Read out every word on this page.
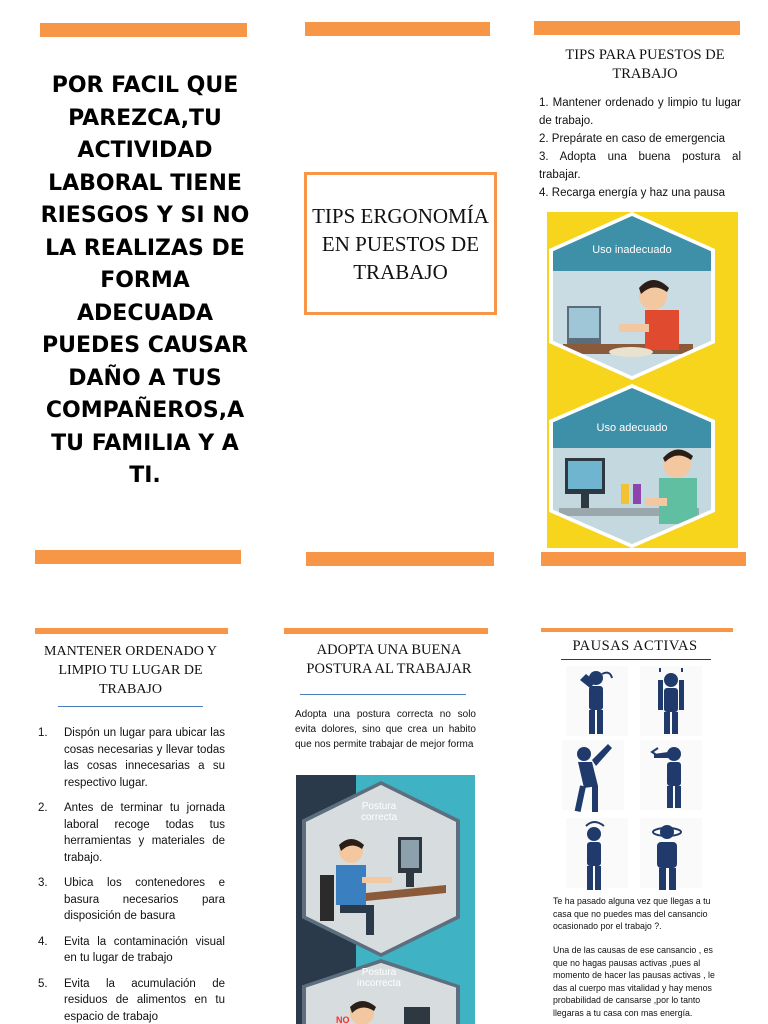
POR FACIL QUE PAREZCA,TU ACTIVIDAD LABORAL TIENE RIESGOS Y SI NO LA REALIZAS DE FORMA ADECUADA PUEDES CAUSAR DAÑO A TUS COMPAÑEROS,A TU FAMILIA Y A TI.
TIPS ERGONOMÍA EN PUESTOS DE TRABAJO
TIPS PARA PUESTOS DE TRABAJO
1. Mantener ordenado y limpio tu lugar de trabajo.
2. Prepárate en caso de emergencia
3. Adopta una buena postura al trabajar.
4. Recarga energía y haz una pausa
Uso inadecuado
Uso adecuado
MANTENER ORDENADO Y LIMPIO TU LUGAR DE TRABAJO
1.	Dispón un lugar para ubicar las cosas necesarias y llevar todas las cosas innecesarias a su respectivo lugar.
2.	Antes de terminar tu jornada laboral recoge todas tus herramientas y materiales de trabajo.
3.	Ubica los contenedores e basura necesarios para disposición de basura
4.	Evita la contaminación visual en tu lugar de trabajo
5.	Evita la acumulación de residuos de alimentos en tu espacio de trabajo
ADOPTA UNA BUENA POSTURA AL TRABAJAR
Adopta una postura correcta no solo evita dolores, sino que crea un habito que nos permite trabajar de mejor forma
Postura correcta
Postura incorrecta
NO
PAUSAS ACTIVAS
Te ha pasado alguna vez que llegas a tu casa que no puedes mas del cansancio ocasionado por el trabajo ?.
Una de las causas de ese cansancio , es que no hagas pausas activas ,pues al momento de hacer las pausas activas , le das al cuerpo mas vitalidad y hay menos probabilidad de cansarse ,por lo tanto llegaras a tu casa con mas energía.
